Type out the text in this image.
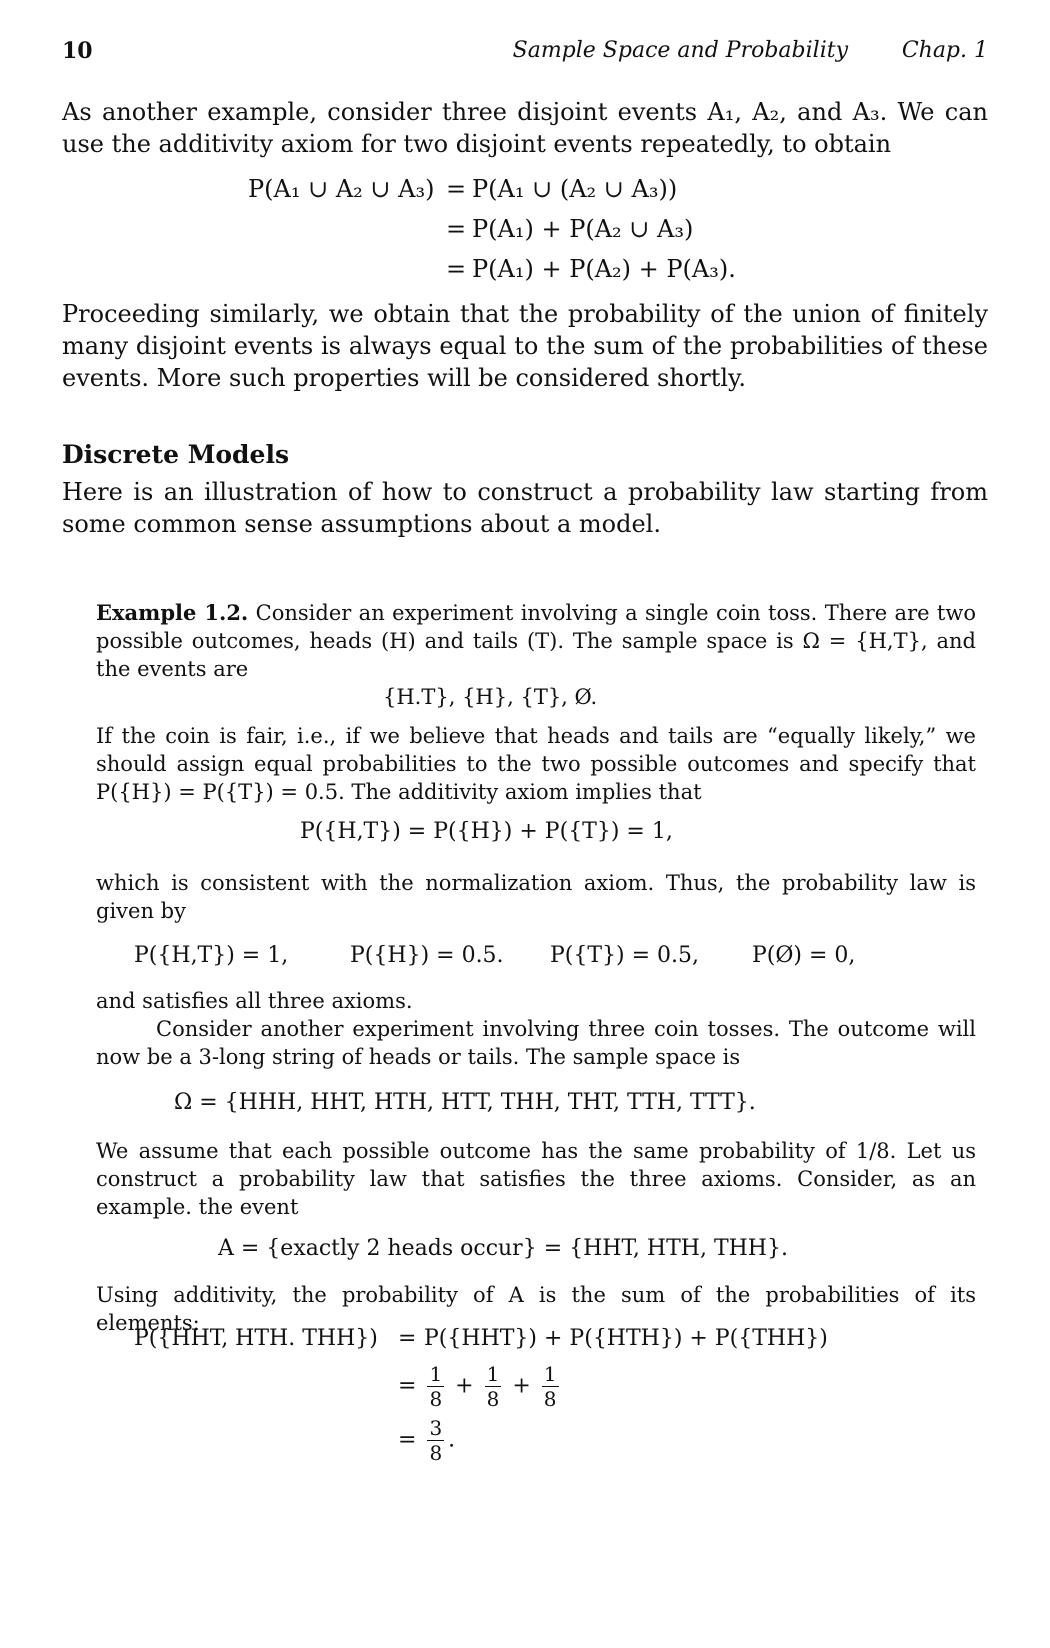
10	Sample Space and Probability Chap. 1
As another example, consider three disjoint events A₁, A₂, and A₃. We can use the additivity axiom for two disjoint events repeatedly, to obtain
P(A₁ ∪ A₂ ∪ A₃) = P(A₁ ∪ (A₂ ∪ A₃))
= P(A₁) + P(A₂ ∪ A₃)
= P(A₁) + P(A₂) + P(A₃).
Proceeding similarly, we obtain that the probability of the union of finitely many disjoint events is always equal to the sum of the probabilities of these events. More such properties will be considered shortly.
Discrete Models
Here is an illustration of how to construct a probability law starting from some common sense assumptions about a model.
Example 1.2. Consider an experiment involving a single coin toss. There are two possible outcomes, heads (H) and tails (T). The sample space is Ω = {H,T}, and the events are
{H.T}, {H}, {T}, Ø.
If the coin is fair, i.e., if we believe that heads and tails are “equally likely,” we should assign equal probabilities to the two possible outcomes and specify that P({H}) = P({T}) = 0.5. The additivity axiom implies that
P({H,T}) = P({H}) + P({T}) = 1,
which is consistent with the normalization axiom. Thus, the probability law is given by
P({H,T}) = 1,	P({H}) = 0.5. P({T}) = 0.5, P(Ø) = 0,
and satisfies all three axioms.
Consider another experiment involving three coin tosses. The outcome will now be a 3-long string of heads or tails. The sample space is
Ω = {HHH, HHT, HTH, HTT, THH, THT, TTH, TTT}.
We assume that each possible outcome has the same probability of 1/8. Let us construct a probability law that satisfies the three axioms. Consider, as an example. the event
A = {exactly 2 heads occur} = {HHT, HTH, THH}.
Using additivity, the probability of A is the sum of the probabilities of its elements:
P({HHT, HTH. THH}) = P({HHT}) + P({HTH}) + P({THH})
= $\frac{1}{8} + \frac{1}{8} + \frac{1}{8}$
= $\frac{3}{8}$ .
